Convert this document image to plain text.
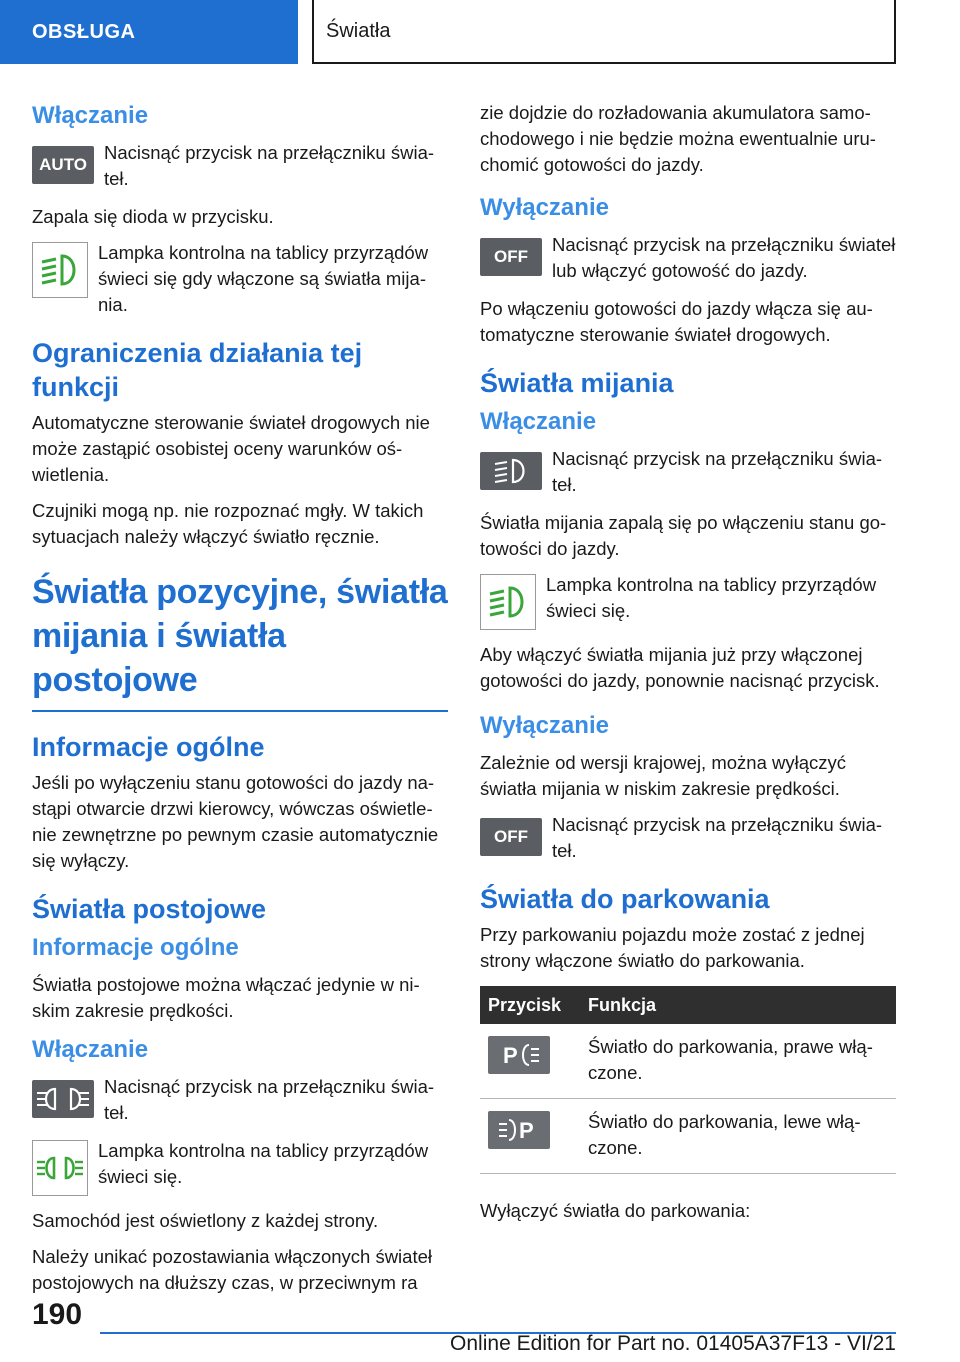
OBSŁUGA	Światła
Włączanie
AUTO
Nacisnąć przycisk na przełączniku świateł.

Zapala się dioda w przycisku.

Lampka kontrolna na tablicy przyrządów świeci się gdy włączone są światła mijania.
Ograniczenia działania tej funkcji

Automatyczne sterowanie świateł drogowych nie może zastąpić osobistej oceny warunków oświetlenia.

Czujniki mogą np. nie rozpoznać mgły. W takich sytuacjach należy włączyć światło ręcznie.

Światła pozycyjne, światła mijania i światła postojowe
Informacje ogólne

Jeśli po wyłączeniu stanu gotowości do jazdy nastąpi otwarcie drzwi kierowcy, wówczas oświetlenie zewnętrzne po pewnym czasie automatycznie się wyłączy.

Światła postojowe
Informacje ogólne

Światła postojowe można włączać jedynie w niskim zakresie prędkości.

Włączanie
Nacisnąć przycisk na przełączniku świateł.
Lampka kontrolna na tablicy przyrządów świeci się.

Samochód jest oświetlony z każdej strony.

Należy unikać pozostawiania włączonych świateł postojowych na dłuższy czas, w przeciwnym ra

zie dojdzie do rozładowania akumulatora samochodowego i nie będzie można ewentualnie uruchomić gotowości do jazdy.

Wyłączanie
OFF
Nacisnąć przycisk na przełączniku świateł lub włączyć gotowość do jazdy.

Po włączeniu gotowości do jazdy włącza się automatyczne sterowanie świateł drogowych.

Światła mijania
Włączanie
Nacisnąć przycisk na przełączniku świateł.

Światła mijania zapalą się po włączeniu stanu gotowości do jazdy.

Lampka kontrolna na tablicy przyrządów świeci się.

Aby włączyć światła mijania już przy włączonej gotowości do jazdy, ponownie nacisnąć przycisk.

Wyłączanie

Zależnie od wersji krajowej, można wyłączyć światła mijania w niskim zakresie prędkości.

OFF
Nacisnąć przycisk na przełączniku świateł.
Światła do parkowania

Przy parkowaniu pojazdu może zostać z jednej strony włączone światło do parkowania.

Przycisk	Funkcja

P	Światło do parkowania, prawe włączone.

P	Światło do parkowania, lewe włączone.

Wyłączyć światła do parkowania:

190
Online Edition for Part no. 01405A37F13 - VI/21
